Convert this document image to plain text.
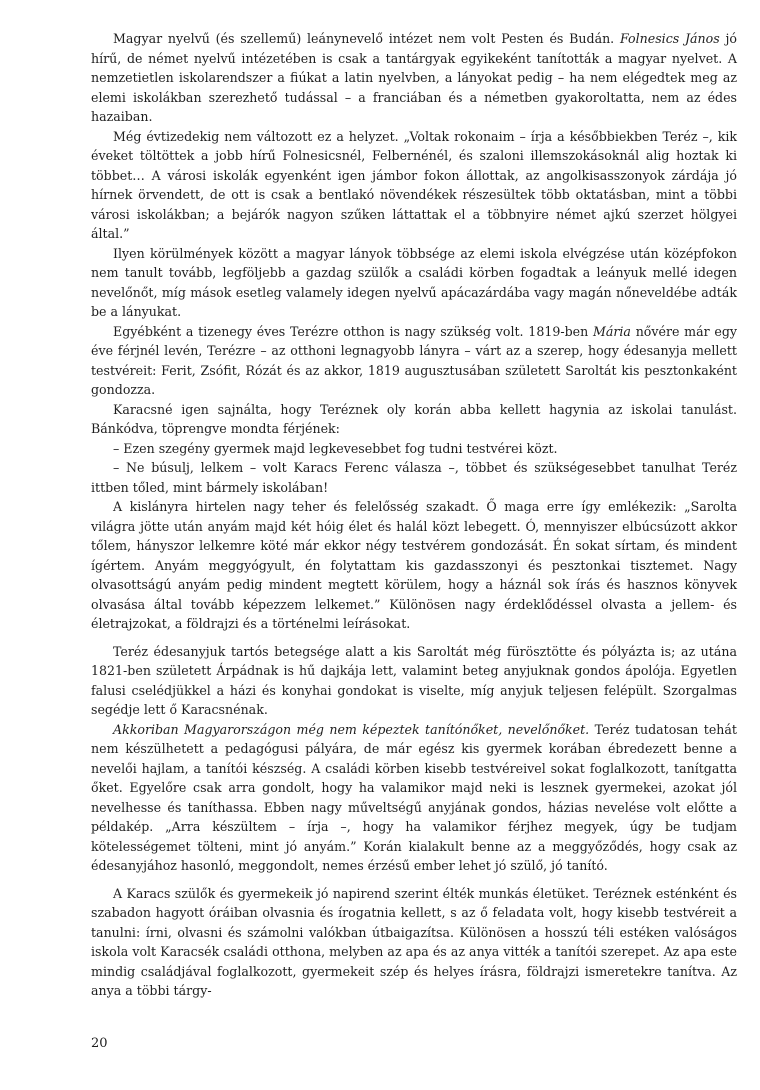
Magyar nyelvű (és szellemű) leánynevelő intézet nem volt Pesten és Budán. Folnesics János jó hírű, de német nyelvű intézetében is csak a tantárgyak egyikeként tanították a magyar nyelvet. A nemzetietlen iskolarendszer a fiúkat a latin nyelvben, a lányokat pedig – ha nem elégedtek meg az elemi iskolákban szerezhető tudással – a franciában és a németben gyakoroltatta, nem az édes hazaiban.

Még évtizedekig nem változott ez a helyzet. „Voltak rokonaim – írja a későbbiekben Teréz –, kik éveket töltöttek a jobb hírű Folnesicsnél, Felbernénél, és szaloni illemszokásoknál alig hoztak ki többet… A városi iskolák egyenként igen jámbor fokon állottak, az angolkisasszonyok zárdája jó hírnek örvendett, de ott is csak a bentlakó növendékek részesültek több oktatásban, mint a többi városi iskolákban; a bejárók nagyon szűken láttattak el a többnyire német ajkú szerzet hölgyei által.”

Ilyen körülmények között a magyar lányok többsége az elemi iskola elvégzése után középfokon nem tanult tovább, legföljebb a gazdag szülők a családi körben fogadtak a leányuk mellé idegen nevelőnőt, míg mások esetleg valamely idegen nyelvű apácazárdába vagy magán nőneveldébe adták be a lányukat.

Egyébként a tizenegy éves Terézre otthon is nagy szükség volt. 1819-ben Mária nővére már egy éve férjnél levén, Terézre – az otthoni legnagyobb lányra – várt az a szerep, hogy édesanyja mellett testvéreit: Ferit, Zsófit, Rózát és az akkor, 1819 augusztusában született Saroltát kis pesztonkaként gondozza.

Karacsné igen sajnálta, hogy Teréznek oly korán abba kellett hagynia az iskolai tanulást. Bánkódva, töprengve mondta férjének:

– Ezen szegény gyermek majd legkevesebbet fog tudni testvérei közt.

– Ne búsulj, lelkem – volt Karacs Ferenc válasza –, többet és szükségesebbet tanulhat Teréz ittben tőled, mint bármely iskolában!

A kislányra hirtelen nagy teher és felelősség szakadt. Ő maga erre így emlékezik: „Sarolta világra jötte után anyám majd két hóig élet és halál közt lebegett. Ó, mennyiszer elbúcsúzott akkor tőlem, hányszor lelkemre köté már ekkor négy testvérem gondozását. Én sokat sírtam, és mindent ígértem. Anyám meggyógyult, én folytattam kis gazdasszonyi és pesztonkai tisztemet. Nagy olvasottságú anyám pedig mindent megtett körülem, hogy a háznál sok írás és hasznos könyvek olvasása által tovább képezzem lelkemet.” Különösen nagy érdeklődéssel olvasta a jellem- és életrajzokat, a földrajzi és a történelmi leírásokat.

Teréz édesanyjuk tartós betegsége alatt a kis Saroltát még fürösztötte és pólyázta is; az utána 1821-ben született Árpádnak is hű dajkája lett, valamint beteg anyjuknak gondos ápolója. Egyetlen falusi cselédjükkel a házi és konyhai gondokat is viselte, míg anyjuk teljesen felépült. Szorgalmas segédje lett ő Karacsnénak.

Akkoriban Magyarországon még nem képeztek tanítónőket, nevelőnőket. Teréz tudatosan tehát nem készülhetett a pedagógusi pályára, de már egész kis gyermek korában ébredezett benne a nevelői hajlam, a tanítói készség. A családi körben kisebb testvéreivel sokat foglalkozott, tanítgatta őket. Egyelőre csak arra gondolt, hogy ha valamikor majd neki is lesznek gyermekei, azokat jól nevelhesse és taníthassa. Ebben nagy műveltségű anyjának gondos, házias nevelése volt előtte a példakép. „Arra készültem – írja –, hogy ha valamikor férjhez megyek, úgy be tudjam kötelességemet tölteni, mint jó anyám.” Korán kialakult benne az a meggyőződés, hogy csak az édesanyjához hasonló, meggondolt, nemes érzésű ember lehet jó szülő, jó tanító.

A Karacs szülők és gyermekeik jó napirend szerint élték munkás életüket. Teréznek esténként és szabadon hagyott óráiban olvasnia és írogatnia kellett, s az ő feladata volt, hogy kisebb testvéreit a tanulni: írni, olvasni és számolni valókban útbaigazítsa. Különösen a hosszú téli estéken valóságos iskola volt Karacsék családi otthona, melyben az apa és az anya vitték a tanítói szerepet. Az apa este mindig családjával foglalkozott, gyermekeit szép és helyes írásra, földrajzi ismeretekre tanítva. Az anya a többi tárgy-

20
